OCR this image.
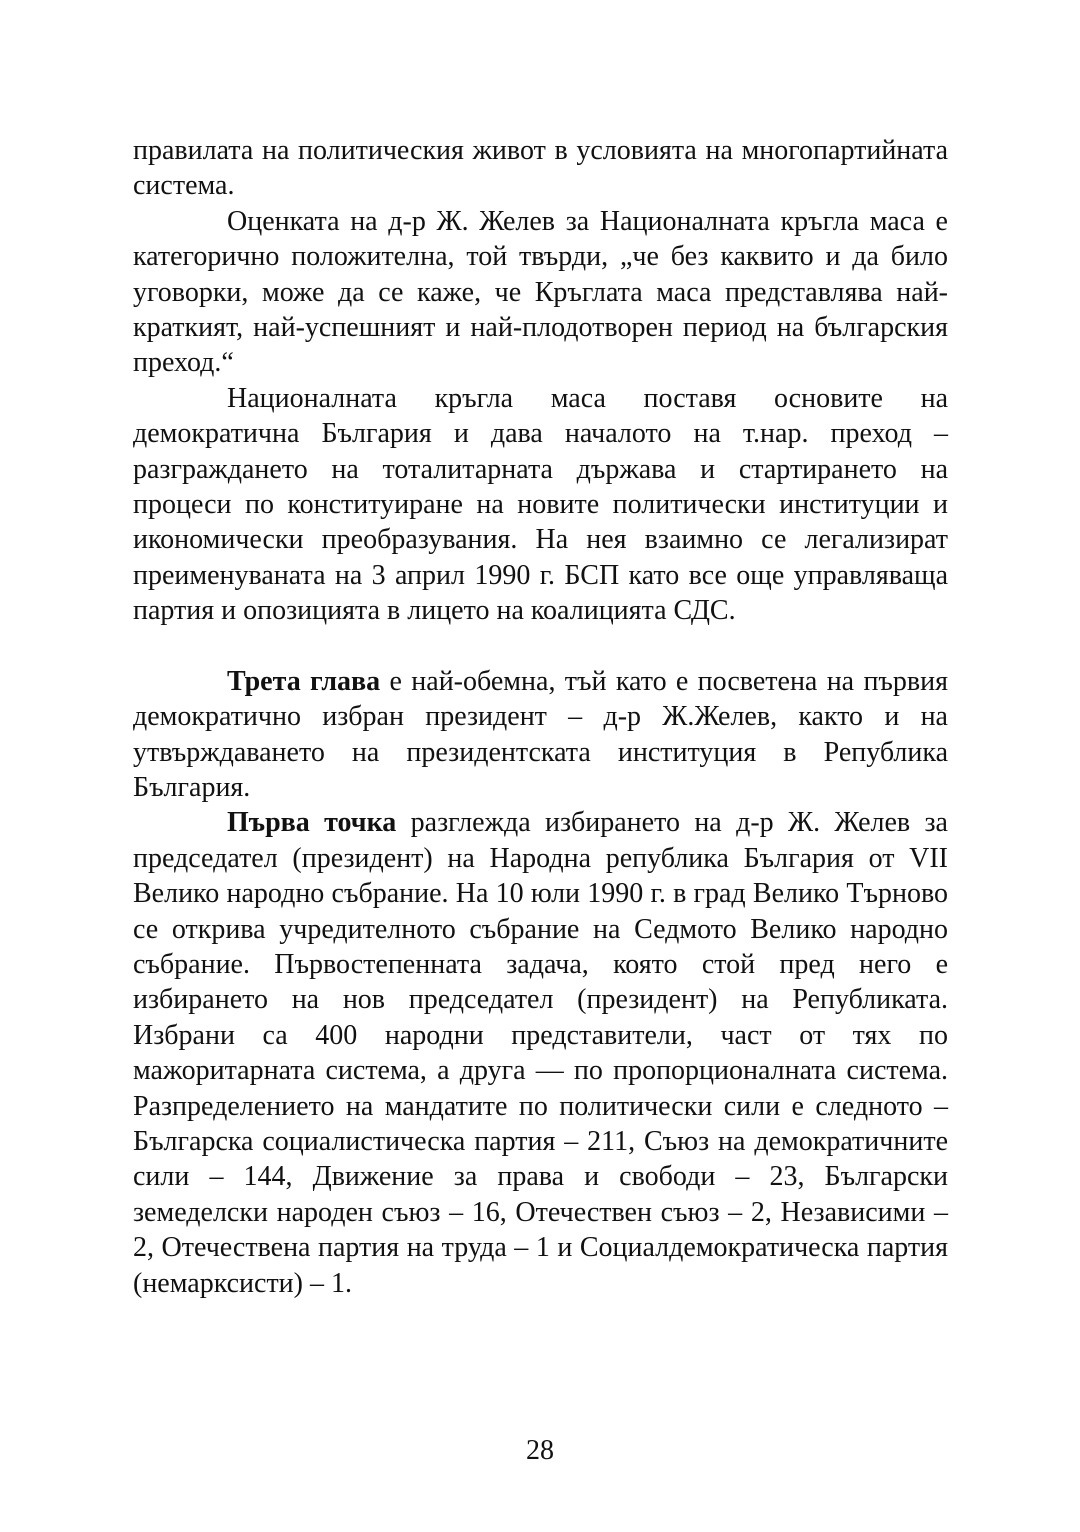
правилата на политическия живот в условията на многопартийната система.

Оценката на д-р Ж. Желев за Националната кръгла маса е категорично положителна, той твърди, „че без каквито и да било уговорки, може да се каже, че Кръглата маса представлява най-краткият, най-успешният и най-плодотворен период на българския преход.“

Националната кръгла маса поставя основите на демократична България и дава началото на т.нар. преход – разграждането на тоталитарната държава и стартирането на процеси по конституиране на новите политически институции и икономически преобразувания. На нея взаимно се легализират преименуваната на 3 април 1990 г. БСП като все още управляваща партия и опозицията в лицето на коалицията СДС.

Трета глава е най-обемна, тъй като е посветена на първия демократично избран президент – д-р Ж.Желев, както и на утвърждаването на президентската институция в Република България.

Първа точка разглежда избирането на д-р Ж. Желев за председател (президент) на Народна република България от VII Велико народно събрание. На 10 юли 1990 г. в град Велико Търново се открива учредителното събрание на Седмото Велико народно събрание. Първостепенната задача, която стой пред него е избирането на нов председател (президент) на Републиката. Избрани са 400 народни представители, част от тях по мажоритарната система, а друга — по пропорционалната система. Разпределението на мандатите по политически сили е следното – Българска социалистическа партия – 211, Съюз на демократичните сили – 144, Движение за права и свободи – 23, Български земеделски народен съюз – 16, Отечествен съюз – 2, Независими – 2, Отечествена партия на труда – 1 и Социалдемократическа партия (немарксисти) – 1.

28
